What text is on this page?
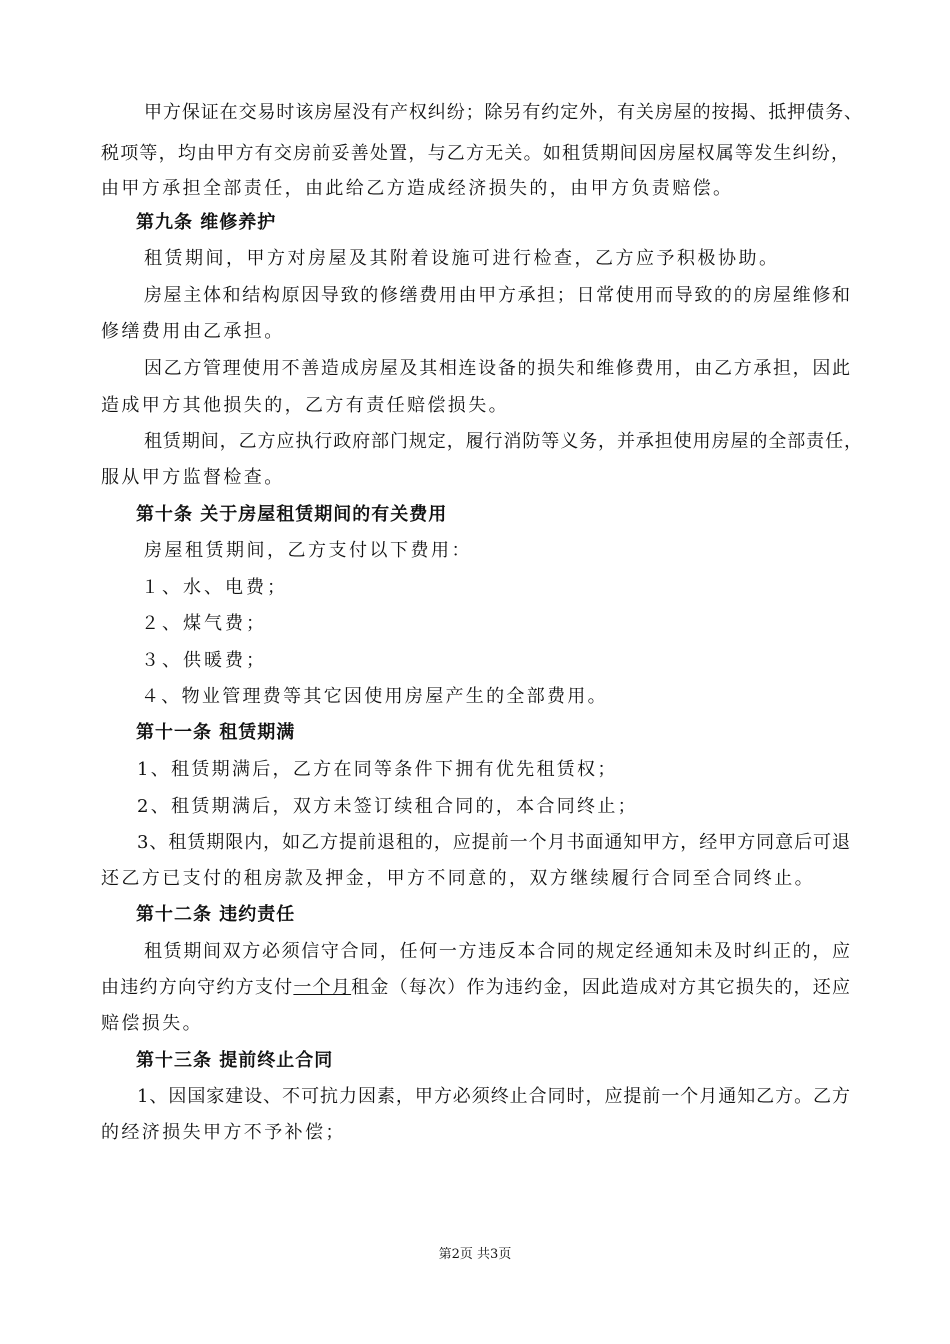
甲方保证在交易时该房屋没有产权纠纷；除另有约定外，有关房屋的按揭、抵押债务、
税项等，均由甲方有交房前妥善处置，与乙方无关。如租赁期间因房屋权属等发生纠纷，
由甲方承担全部责任，由此给乙方造成经济损失的，由甲方负责赔偿。
第九条 维修养护
租赁期间，甲方对房屋及其附着设施可进行检查，乙方应予积极协助。
房屋主体和结构原因导致的修缮费用由甲方承担；日常使用而导致的的房屋维修和
修缮费用由乙承担。
因乙方管理使用不善造成房屋及其相连设备的损失和维修费用，由乙方承担，因此
造成甲方其他损失的，乙方有责任赔偿损失。
租赁期间，乙方应执行政府部门规定，履行消防等义务，并承担使用房屋的全部责任，
服从甲方监督检查。
第十条 关于房屋租赁期间的有关费用
房屋租赁期间，乙方支付以下费用：
１、水、电费；
２、煤气费；
３、供暖费；
４、物业管理费等其它因使用房屋产生的全部费用。
第十一条 租赁期满
1、租赁期满后，乙方在同等条件下拥有优先租赁权；
2、租赁期满后，双方未签订续租合同的，本合同终止；
3、租赁期限内，如乙方提前退租的，应提前一个月书面通知甲方，经甲方同意后可退
还乙方已支付的租房款及押金，甲方不同意的，双方继续履行合同至合同终止。
第十二条 违约责任
租赁期间双方必须信守合同，任何一方违反本合同的规定经通知未及时纠正的，应
由违约方向守约方支付一个月租金（每次）作为违约金，因此造成对方其它损失的，还应
赔偿损失。
第十三条 提前终止合同
1、因国家建设、不可抗力因素，甲方必须终止合同时，应提前一个月通知乙方。乙方
的经济损失甲方不予补偿；
第2页 共3页
